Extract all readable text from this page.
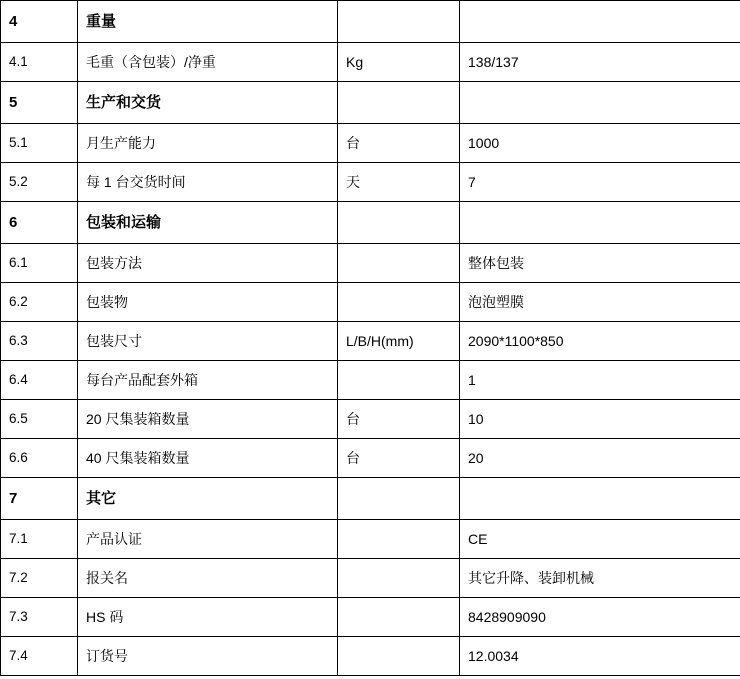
4	重量		
4.1	毛重（含包装）/净重	Kg	138/137
5	生产和交货		
5.1	月生产能力	台	1000
5.2	每 1 台交货时间	天	7
6	包装和运输		
6.1	包装方法		整体包装
6.2	包装物		泡泡塑膜
6.3	包装尺寸	L/B/H(mm)	2090*1100*850
6.4	每台产品配套外箱		1
6.5	20 尺集装箱数量	台	10
6.6	40 尺集装箱数量	台	20
7	其它		
7.1	产品认证		CE
7.2	报关名		其它升降、装卸机械
7.3	HS 码		8428909090
7.4	订货号		12.0034
